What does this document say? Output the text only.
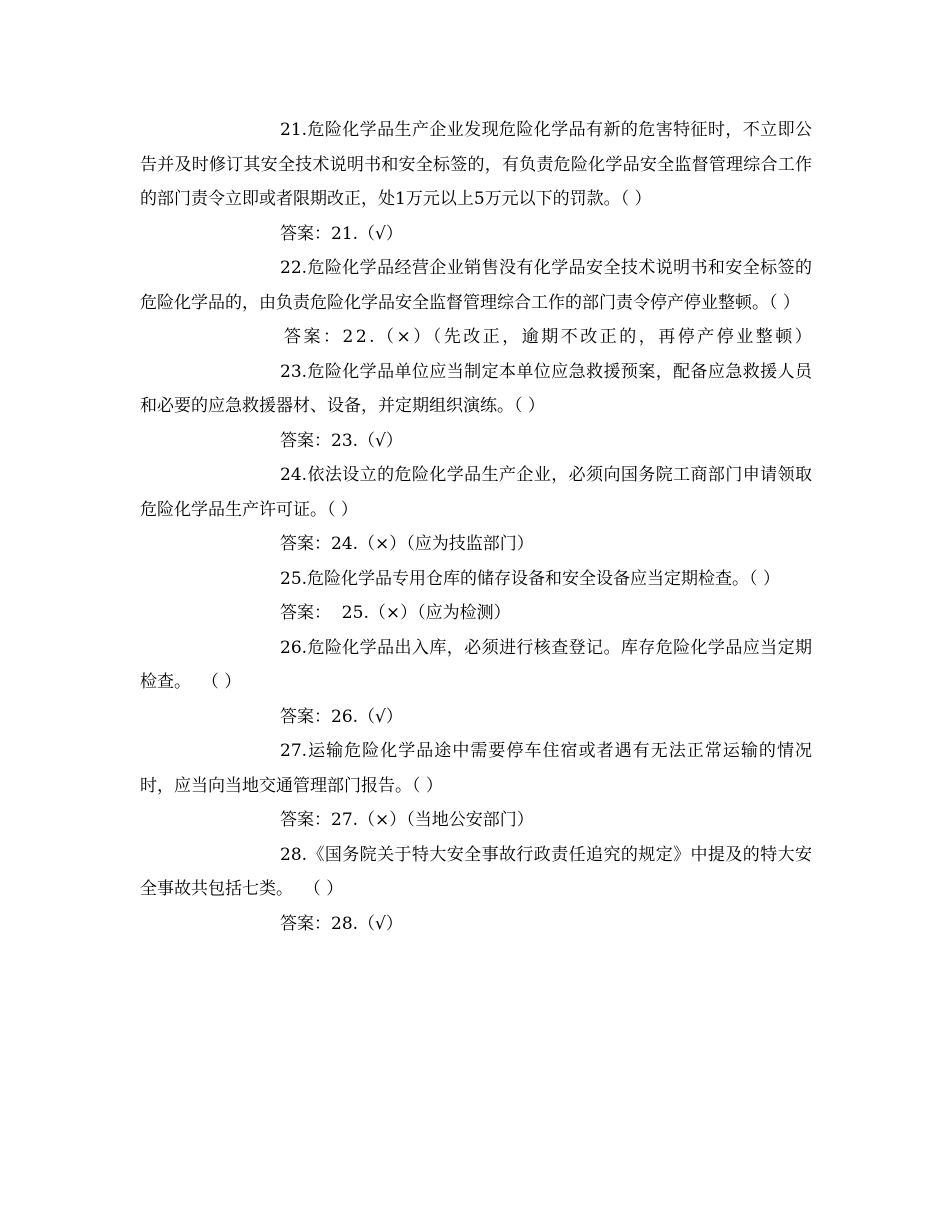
21.危险化学品生产企业发现危险化学品有新的危害特征时，不立即公告并及时修订其安全技术说明书和安全标签的，有负责危险化学品安全监督管理综合工作的部门责令立即或者限期改正，处1万元以上5万元以下的罚款。（ ）

答案：21.（√）

22.危险化学品经营企业销售没有化学品安全技术说明书和安全标签的危险化学品的，由负责危险化学品安全监督管理综合工作的部门责令停产停业整顿。（ ）

答案：22.（×）（先改正，逾期不改正的，再停产停业整顿）

23.危险化学品单位应当制定本单位应急救援预案，配备应急救援人员和必要的应急救援器材、设备，并定期组织演练。（ ）

答案：23.（√）

24.依法设立的危险化学品生产企业，必须向国务院工商部门申请领取危险化学品生产许可证。（ ）

答案：24.（×）（应为技监部门）

25.危险化学品专用仓库的储存设备和安全设备应当定期检查。（ ）

答案：  25.（×）（应为检测）

26.危险化学品出入库，必须进行核查登记。库存危险化学品应当定期检查。  （ ）

答案：26.（√）

27.运输危险化学品途中需要停车住宿或者遇有无法正常运输的情况时，应当向当地交通管理部门报告。（ ）

答案：27.（×）（当地公安部门）

28.《国务院关于特大安全事故行政责任追究的规定》中提及的特大安全事故共包括七类。  （ ）

答案：28.（√）
